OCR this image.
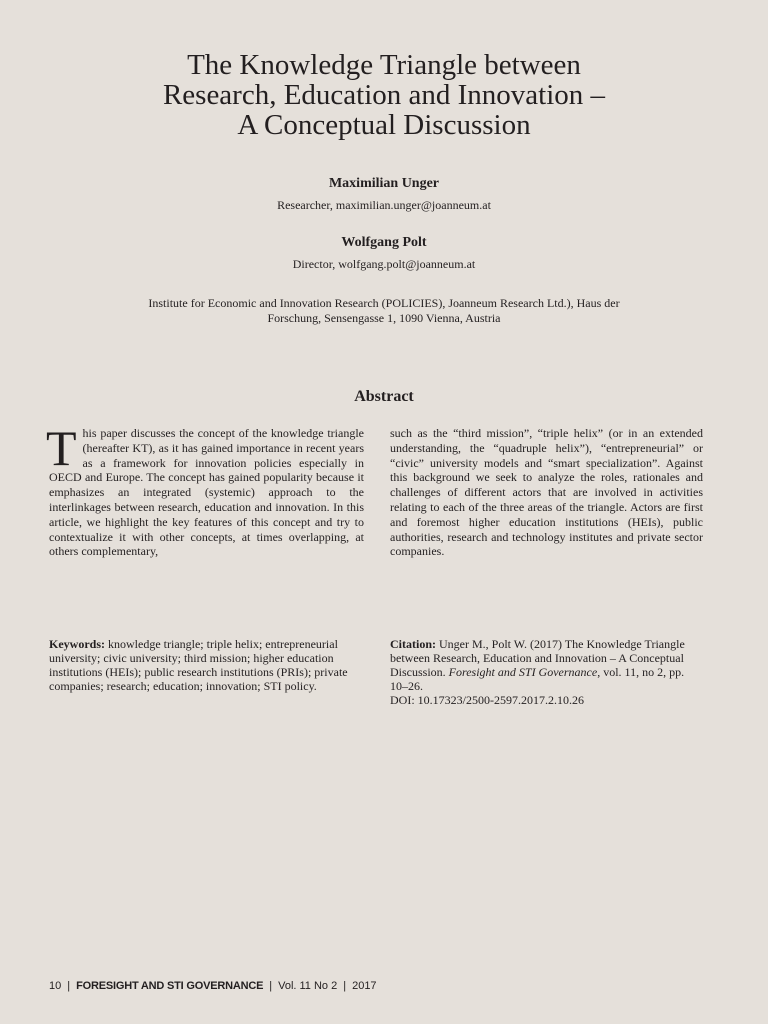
The Knowledge Triangle between
Research, Education and Innovation –
A Conceptual Discussion
Maximilian Unger
Researcher, maximilian.unger@joanneum.at
Wolfgang Polt
Director, wolfgang.polt@joanneum.at
Institute for Economic and Innovation Research (POLICIES), Joanneum Research Ltd.), Haus der
Forschung, Sensengasse 1, 1090 Vienna, Austria
Abstract
This paper discusses the concept of the knowledge triangle (hereafter KT), as it has gained importance in recent years as a framework for innovation policies especially in OECD and Europe. The concept has gained popularity because it emphasizes an integrated (systemic) approach to the interlinkages between research, education and innovation. In this article, we highlight the key features of this concept and try to contextualize it with other concepts, at times overlapping, at others complementary,
such as the “third mission”, “triple helix” (or in an extended understanding, the “quadruple helix”), “entrepreneurial” or “civic” university models and “smart specialization”. Against this background we seek to analyze the roles, rationales and challenges of different actors that are involved in activities relating to each of the three areas of the triangle. Actors are first and foremost higher education institutions (HEIs), public authorities, research and technology institutes and private sector companies.
Keywords: knowledge triangle; triple helix; entrepreneurial university; civic university; third mission; higher education institutions (HEIs); public research institutions (PRIs); private companies; research; education; innovation; STI policy.
Citation: Unger M., Polt W. (2017) The Knowledge Triangle between Research, Education and Innovation – A Conceptual Discussion. Foresight and STI Governance, vol. 11, no 2, pp. 10–26.
DOI: 10.17323/2500-2597.2017.2.10.26
10 | FORESIGHT AND STI GOVERNANCE | Vol. 11 No 2 | 2017
